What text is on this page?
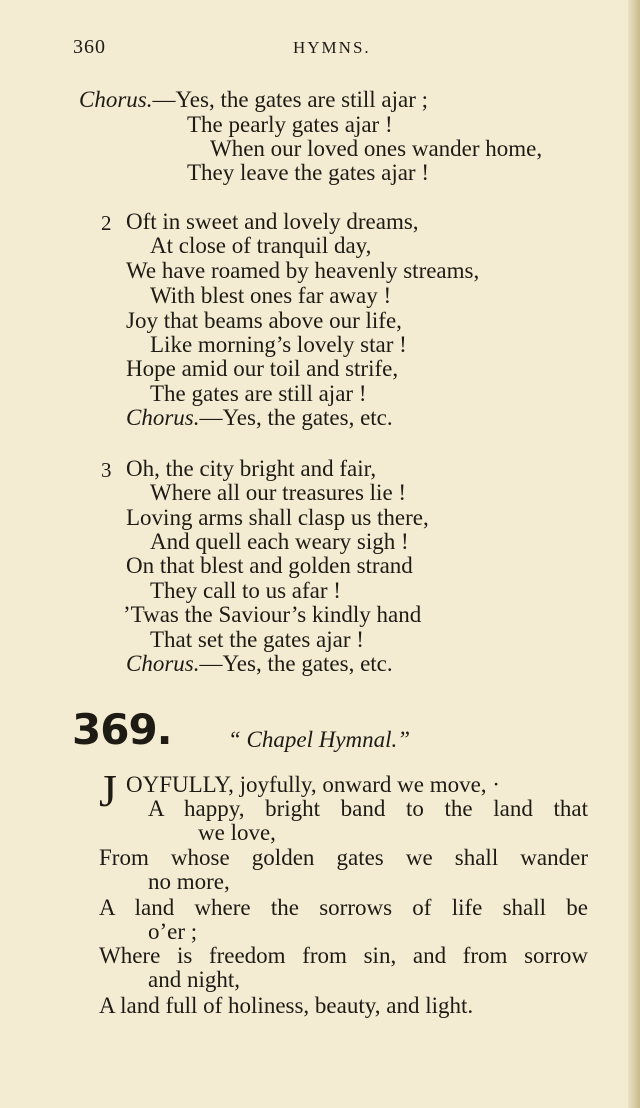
360	HYMNS.
Chorus.—Yes, the gates are still ajar ;
The pearly gates ajar !
When our loved ones wander home,
They leave the gates ajar !
2 Oft in sweet and lovely dreams,
At close of tranquil day,
We have roamed by heavenly streams,
With blest ones far away !
Joy that beams above our life,
Like morning’s lovely star !
Hope amid our toil and strife,
The gates are still ajar !
Chorus.—Yes, the gates, etc.
3 Oh, the city bright and fair,
Where all our treasures lie !
Loving arms shall clasp us there,
And quell each weary sigh !
On that blest and golden strand
They call to us afar !
’Twas the Saviour’s kindly hand
That set the gates ajar !
Chorus.—Yes, the gates, etc.
369. “ Chapel Hymnal.”
J OYFULLY, joyfully, onward we move, ·
A happy, bright band to the land that
we love,
From whose golden gates we shall wander
no more,
A land where the sorrows of life shall be
o’er ;
Where is freedom from sin, and from sorrow
and night,
A land full of holiness, beauty, and light.
